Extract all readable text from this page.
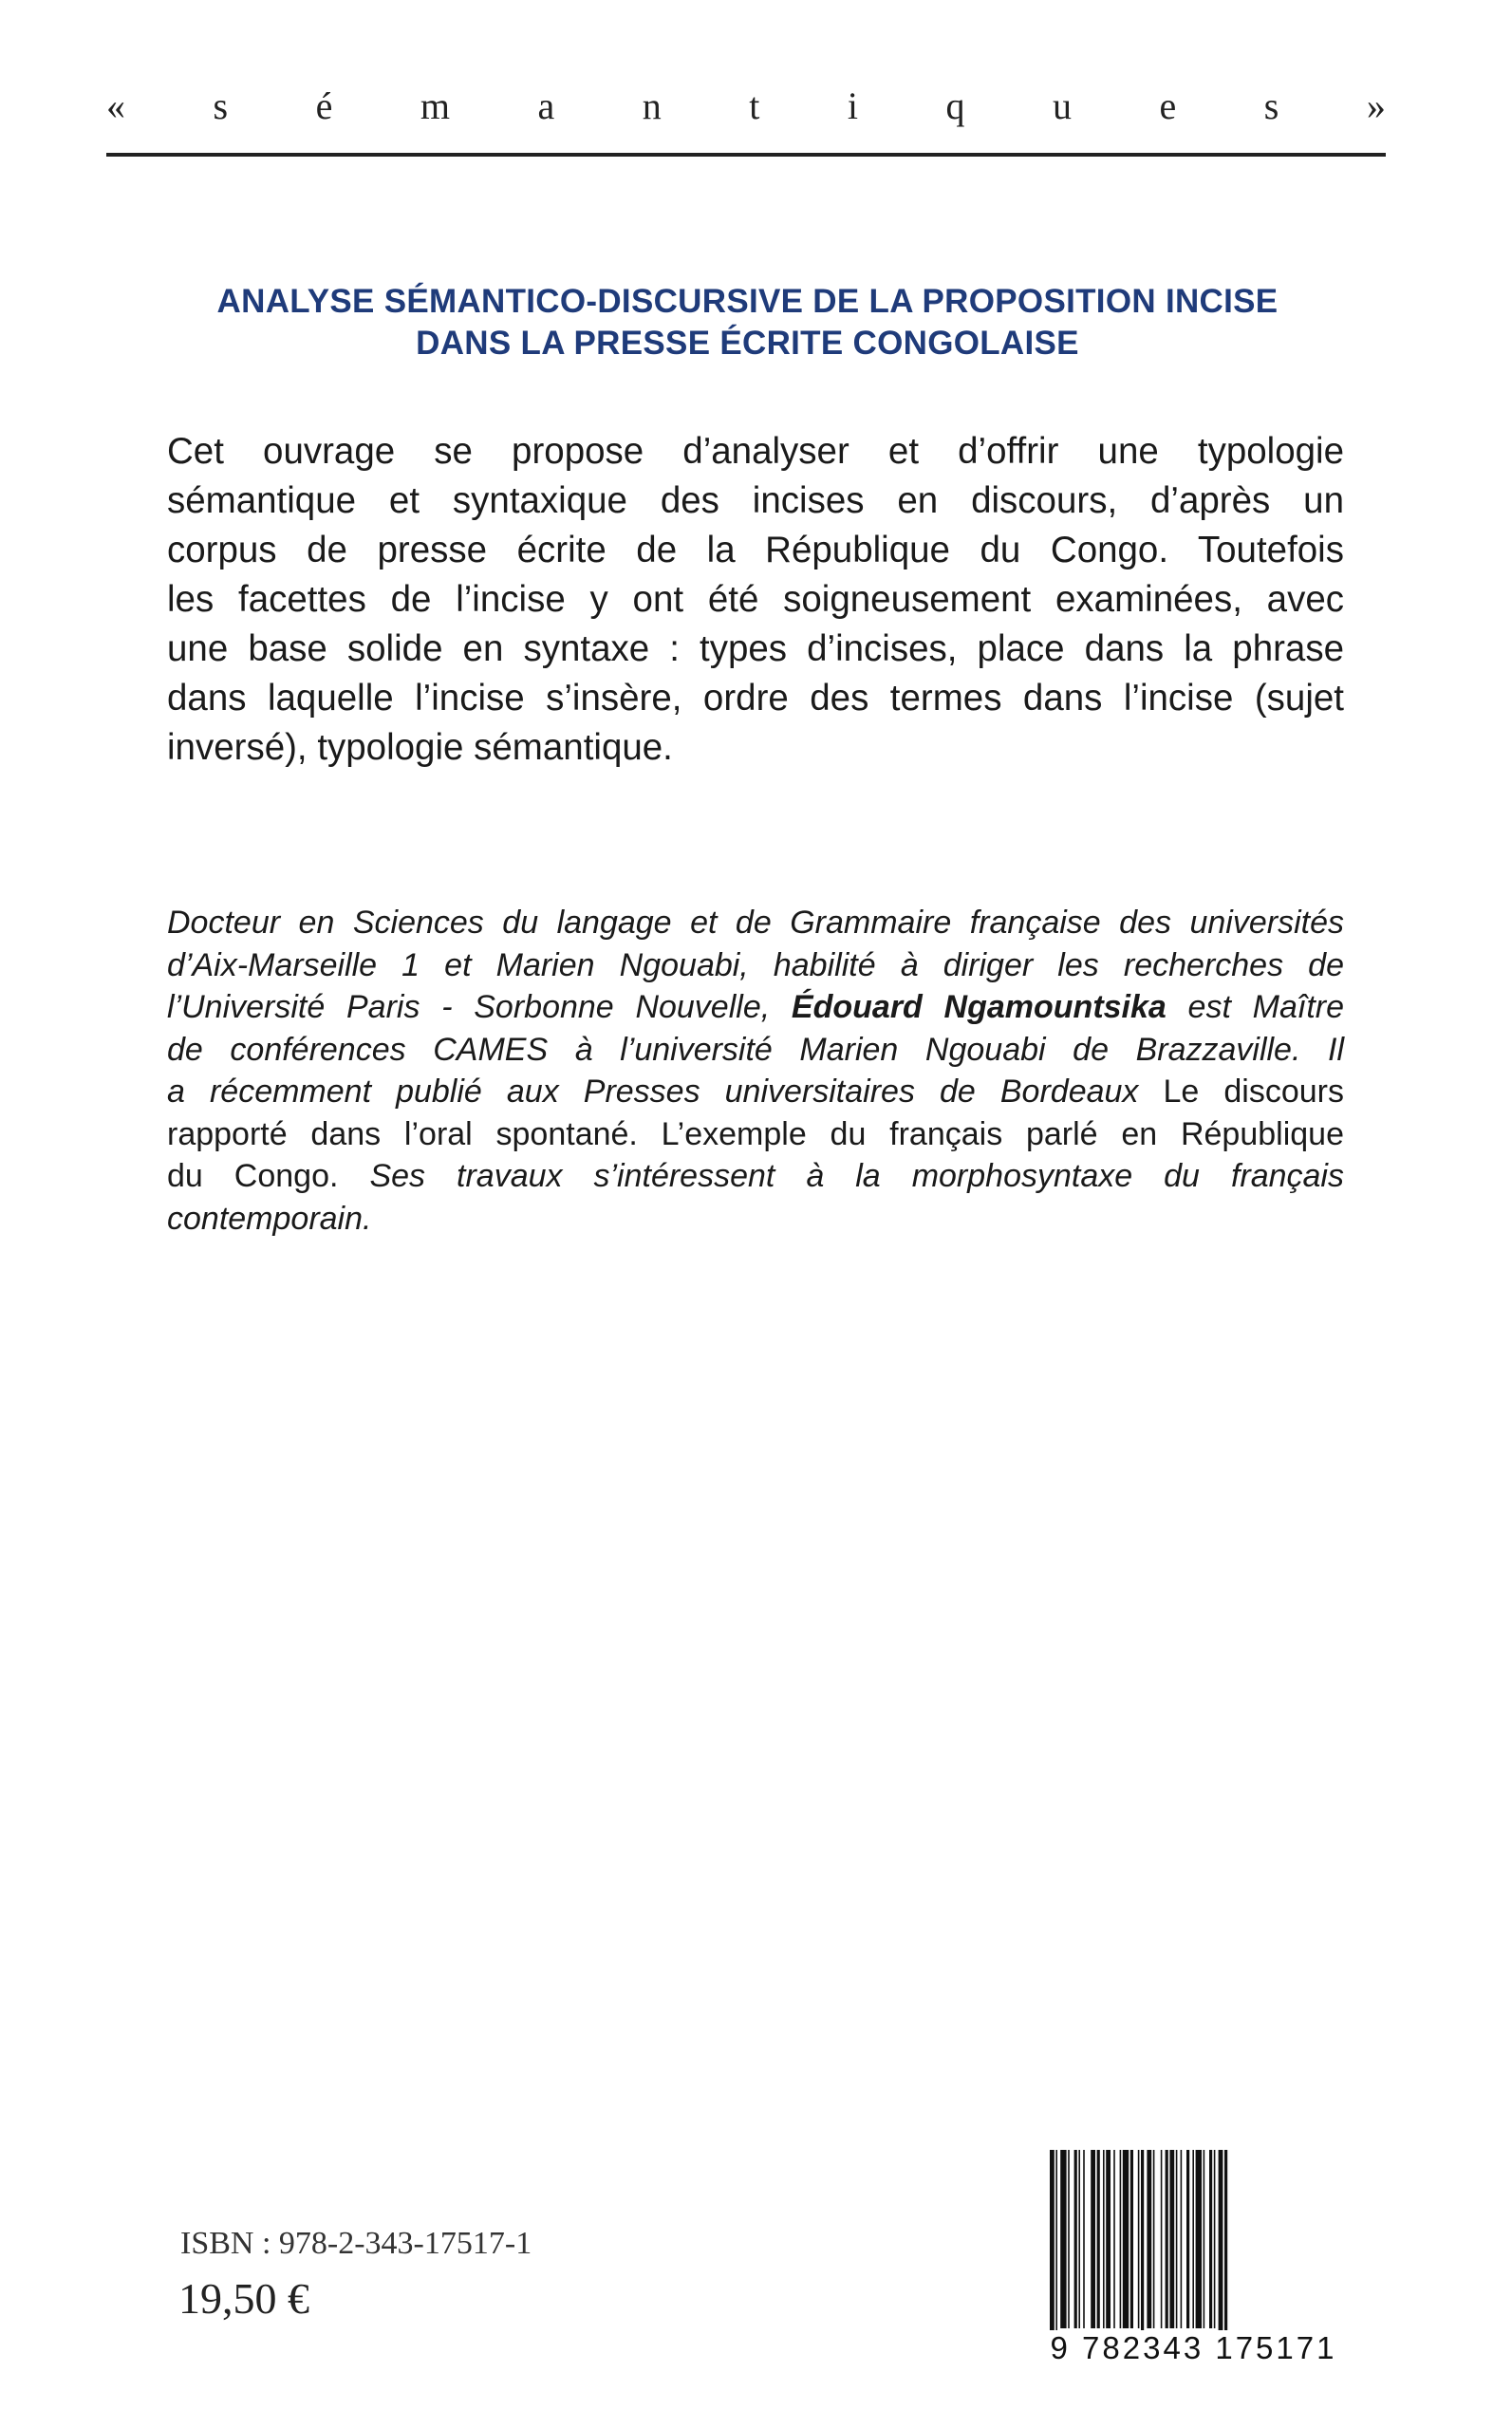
« s é m a n t i q u e s »
ANALYSE SÉMANTICO-DISCURSIVE DE LA PROPOSITION INCISE
DANS LA PRESSE ÉCRITE CONGOLAISE
Cet ouvrage se propose d’analyser et d’offrir une typologie
sémantique et syntaxique des incises en discours, d’après un
corpus de presse écrite de la République du Congo. Toutefois
les facettes de l’incise y ont été soigneusement examinées, avec
une base solide en syntaxe : types d’incises, place dans la phrase
dans laquelle l’incise s’insère, ordre des termes dans l’incise (sujet
inversé), typologie sémantique.
Docteur en Sciences du langage et de Grammaire française des universités
d’Aix-Marseille 1 et Marien Ngouabi, habilité à diriger les recherches de
l’Université Paris - Sorbonne Nouvelle, Édouard Ngamountsika est Maître
de conférences CAMES à l’université Marien Ngouabi de Brazzaville. Il
a récemment publié aux Presses universitaires de Bordeaux Le discours
rapporté dans l’oral spontané. L’exemple du français parlé en République
du Congo. Ses travaux s’intéressent à la morphosyntaxe du français
contemporain.
ISBN : 978-2-343-17517-1
19,50 €
9 782343 175171
